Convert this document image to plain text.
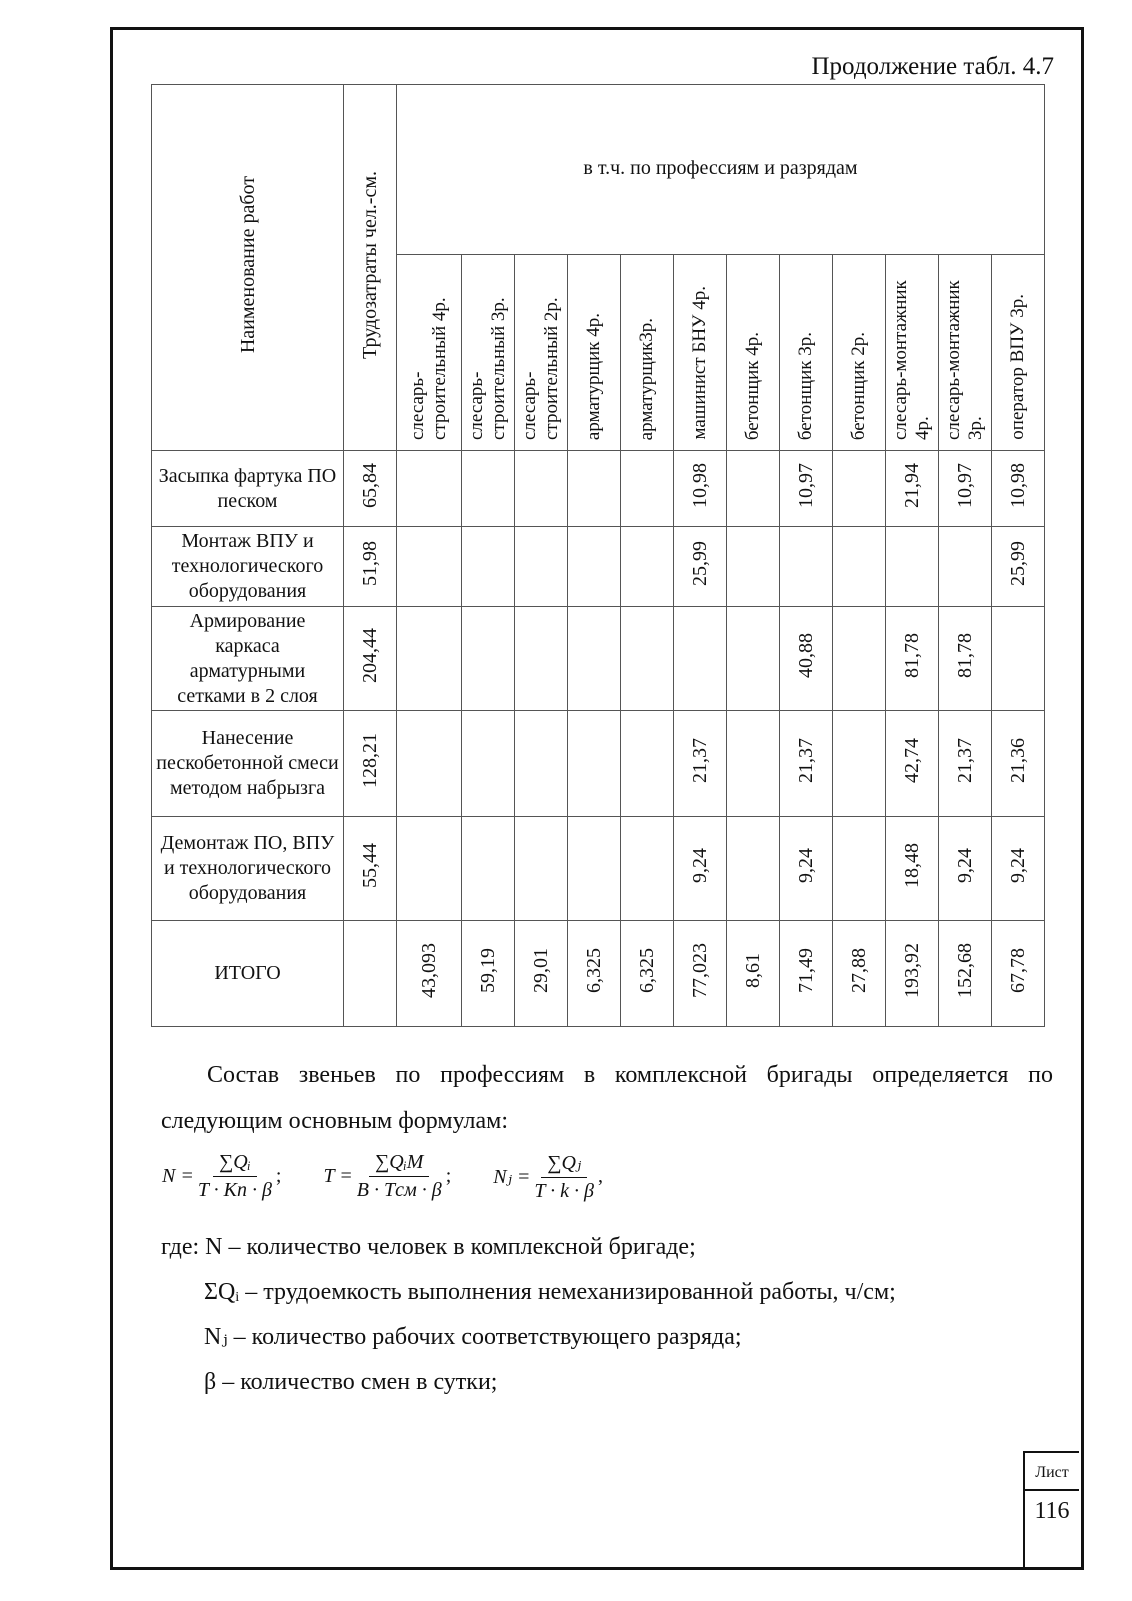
Продолжение табл. 4.7
Наименование работ	Трудозатраты чел.-см.	в т.ч. по профессиям и разрядам											

		слесарь-строительный 4р.	слесарь-строительный 3р.	слесарь-строительный 2р.	арматурщик 4р.	арматурщик3р.	машинист БНУ 4р.	бетонщик 4р.	бетонщик 3р.	бетонщик 2р.	слесарь-монтажник 4р.	слесарь-монтажник 3р.	оператор ВПУ 3р.

Засыпка фартука ПО песком	65,84						10,98		10,97		21,94	10,97	10,98
Монтаж ВПУ и технологического оборудования	51,98						25,99						25,99
Армирование каркаса арматурными сетками в 2 слоя	204,44								40,88		81,78	81,78	
Нанесение пескобетонной смеси методом набрызга	128,21						21,37		21,37		42,74	21,37	21,36
Демонтаж ПО, ВПУ и технологического оборудования	55,44						9,24		9,24		18,48	9,24	9,24
ИТОГО		43,093	59,19	29,01	6,325	6,325	77,023	8,61	71,49	27,88	193,92	152,68	67,78
Состав звеньев по профессиям в комплексной бригады определяется по
следующим основным формулам:
$N = \frac{\text{∑Qᵢ}}{T \cdot Kп \cdot \beta}$ ; $T = \frac{\text{∑QᵢM}}{\text{B · Tсм · β}}$ ; Nⱼ = $\frac{\text{∑Qⱼ}}{T \cdot k \cdot \beta}$ ,
где: N – количество человек в комплексной бригаде;
ΣQᵢ – трудоемкость выполнения немеханизированной работы, ч/см;
Nⱼ – количество рабочих соответствующего разряда;
β – количество смен в сутки;
Лист
116
